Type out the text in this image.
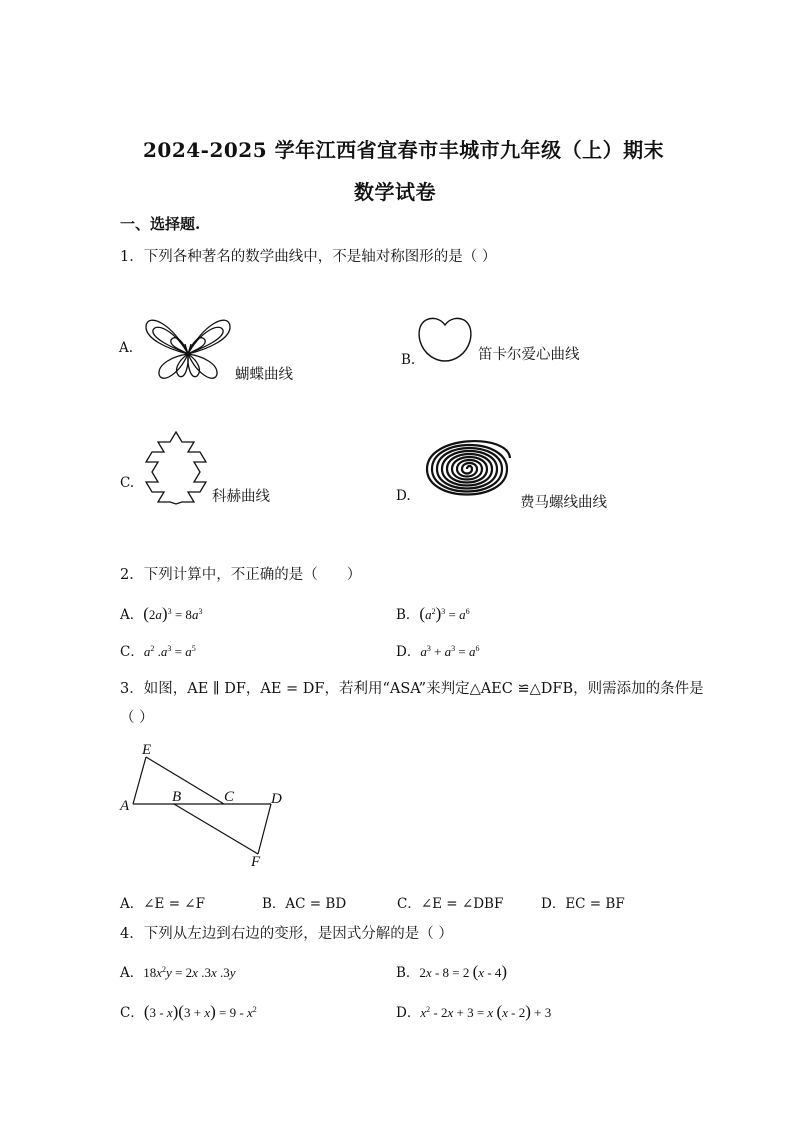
2024-2025 学年江西省宜春市丰城市九年级（上）期末
数学试卷
一、选择题.
1．下列各种著名的数学曲线中，不是轴对称图形的是（ ）
A.
蝴蝶曲线
B.	笛卡尔爱心曲线
C.
科赫曲线	D.	费马螺线曲线
2．下列计算中，不正确的是（　　）
A．$(2a)^3 = 8a^3$	B．$(a^2)^3 = a^6$
C．$a^2$ $.a^3 = a^5$	D．$a^3 + a^3 = a^6$
3．如图，AE ∥ DF，AE = DF，若利用“ASA”来判定△AEC ≌△DFB，则需添加的条件是
（ ）
E
A
B	C D
F
A．∠E = ∠F	B．AC = BD	C．∠E = ∠DBF	D．EC = BF
4．下列从左边到右边的变形，是因式分解的是（ ）
A．$18x^2y = 2x$ .3x .3y	B．2x - 8 = 2 (x - 4)
C．$(3 - x)(3 + x) = 9 - x^2$	D．$x^2 - 2x + 3 = x$ (x - 2) + 3
